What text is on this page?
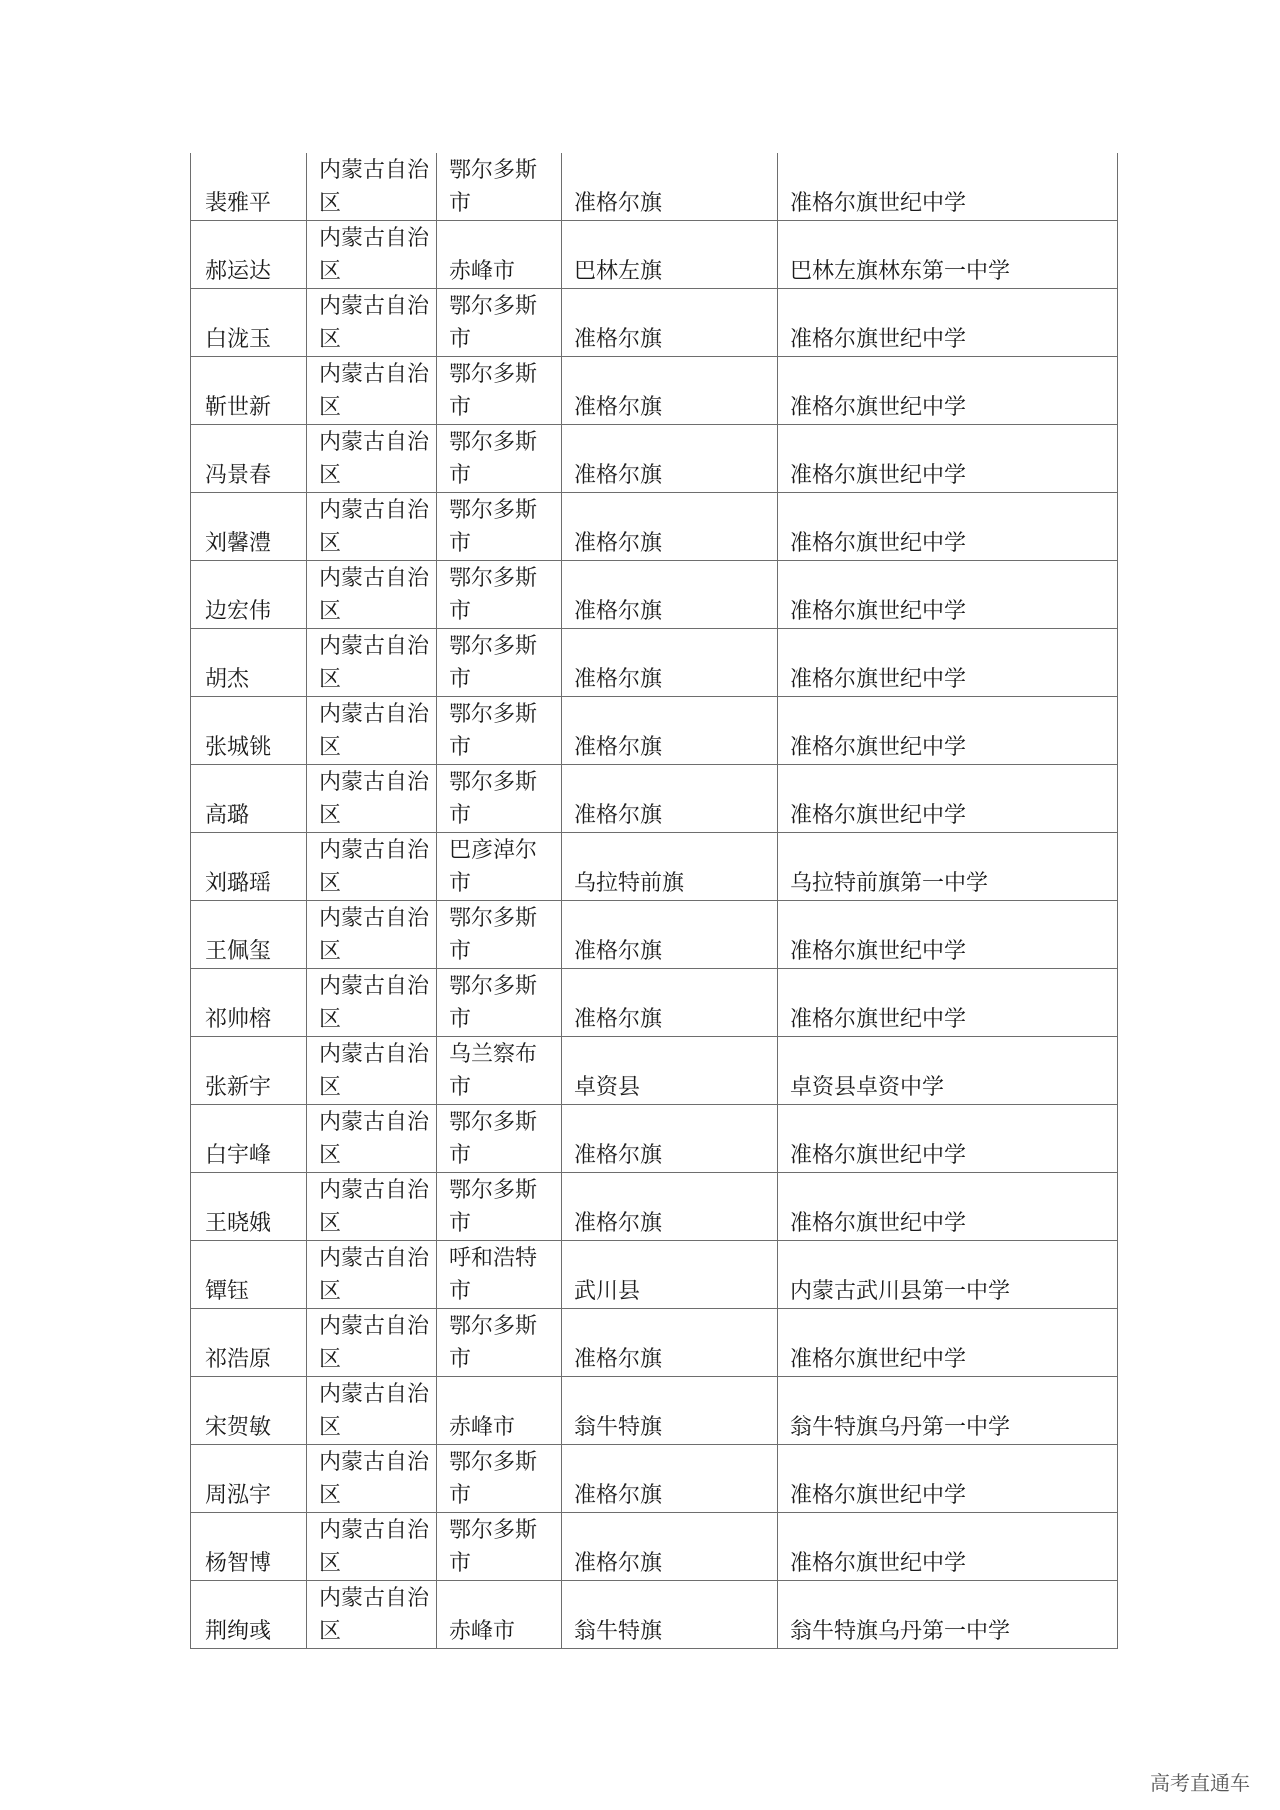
裴雅平	内蒙古自治区	鄂尔多斯市	准格尔旗	准格尔旗世纪中学

郝运达	内蒙古自治区	赤峰市	巴林左旗	巴林左旗林东第一中学

白泷玉	内蒙古自治区	鄂尔多斯市	准格尔旗	准格尔旗世纪中学

靳世新	内蒙古自治区	鄂尔多斯市	准格尔旗	准格尔旗世纪中学

冯景春	内蒙古自治区	鄂尔多斯市	准格尔旗	准格尔旗世纪中学

刘馨澧	内蒙古自治区	鄂尔多斯市	准格尔旗	准格尔旗世纪中学

边宏伟	内蒙古自治区	鄂尔多斯市	准格尔旗	准格尔旗世纪中学

胡杰	内蒙古自治区	鄂尔多斯市	准格尔旗	准格尔旗世纪中学

张城铫	内蒙古自治区	鄂尔多斯市	准格尔旗	准格尔旗世纪中学

高璐	内蒙古自治区	鄂尔多斯市	准格尔旗	准格尔旗世纪中学

刘璐瑶	内蒙古自治区	巴彦淖尔市	乌拉特前旗	乌拉特前旗第一中学

王佩玺	内蒙古自治区	鄂尔多斯市	准格尔旗	准格尔旗世纪中学

祁帅榕	内蒙古自治区	鄂尔多斯市	准格尔旗	准格尔旗世纪中学

张新宇	内蒙古自治区	乌兰察布市	卓资县	卓资县卓资中学

白宇峰	内蒙古自治区	鄂尔多斯市	准格尔旗	准格尔旗世纪中学

王晓娥	内蒙古自治区	鄂尔多斯市	准格尔旗	准格尔旗世纪中学

镡钰	内蒙古自治区	呼和浩特市	武川县	内蒙古武川县第一中学

祁浩原	内蒙古自治区	鄂尔多斯市	准格尔旗	准格尔旗世纪中学

宋贺敏	内蒙古自治区	赤峰市	翁牛特旗	翁牛特旗乌丹第一中学

周泓宇	内蒙古自治区	鄂尔多斯市	准格尔旗	准格尔旗世纪中学

杨智博	内蒙古自治区	鄂尔多斯市	准格尔旗	准格尔旗世纪中学

荆绚彧	内蒙古自治区	赤峰市	翁牛特旗	翁牛特旗乌丹第一中学
高考直通车
